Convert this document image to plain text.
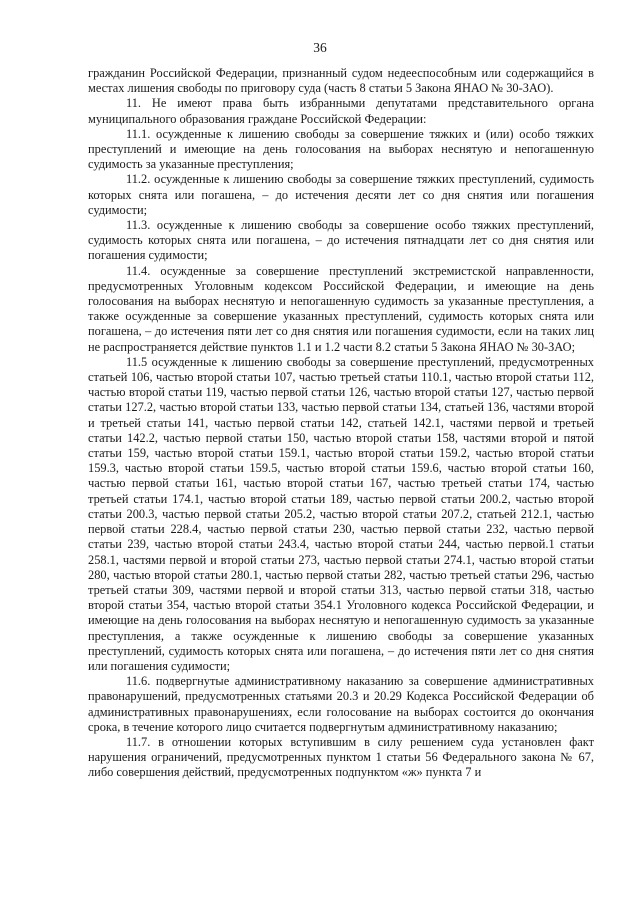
36

гражданин Российской Федерации, признанный судом недееспособным или содержащийся в местах лишения свободы по приговору суда (часть 8 статьи 5 Закона ЯНАО № 30-ЗАО).

11. Не имеют права быть избранными депутатами представительного органа муниципального образования граждане Российской Федерации:

11.1. осужденные к лишению свободы за совершение тяжких и (или) особо тяжких преступлений и имеющие на день голосования на выборах неснятую и непогашенную судимость за указанные преступления;

11.2. осужденные к лишению свободы за совершение тяжких преступлений, судимость которых снята или погашена, – до истечения десяти лет со дня снятия или погашения судимости;

11.3. осужденные к лишению свободы за совершение особо тяжких преступлений, судимость которых снята или погашена, – до истечения пятнадцати лет со дня снятия или погашения судимости;

11.4. осужденные за совершение преступлений экстремистской направленности, предусмотренных Уголовным кодексом Российской Федерации, и имеющие на день голосования на выборах неснятую и непогашенную судимость за указанные преступления, а также осужденные за совершение указанных преступлений, судимость которых снята или погашена, – до истечения пяти лет со дня снятия или погашения судимости, если на таких лиц не распространяется действие пунктов 1.1 и 1.2 части 8.2 статьи 5 Закона ЯНАО № 30-ЗАО;

11.5 осужденные к лишению свободы за совершение преступлений, предусмотренных статьей 106, частью второй статьи 107, частью третьей статьи 110.1, частью второй статьи 112, частью второй статьи 119, частью первой статьи 126, частью второй статьи 127, частью первой статьи 127.2, частью второй статьи 133, частью первой статьи 134, статьей 136, частями второй и третьей статьи 141, частью первой статьи 142, статьей 142.1, частями первой и третьей статьи 142.2, частью первой статьи 150, частью второй статьи 158, частями второй и пятой статьи 159, частью второй статьи 159.1, частью второй статьи 159.2, частью второй статьи 159.3, частью второй статьи 159.5, частью второй статьи 159.6, частью второй статьи 160, частью первой статьи 161, частью второй статьи 167, частью третьей статьи 174, частью третьей статьи 174.1, частью второй статьи 189, частью первой статьи 200.2, частью второй статьи 200.3, частью первой статьи 205.2, частью второй статьи 207.2, статьей 212.1, частью первой статьи 228.4, частью первой статьи 230, частью первой статьи 232, частью первой статьи 239, частью второй статьи 243.4, частью второй статьи 244, частью первой.1 статьи 258.1, частями первой и второй статьи 273, частью первой статьи 274.1, частью второй статьи 280, частью второй статьи 280.1, частью первой статьи 282, частью третьей статьи 296, частью третьей статьи 309, частями первой и второй статьи 313, частью первой статьи 318, частью второй статьи 354, частью второй статьи 354.1 Уголовного кодекса Российской Федерации, и имеющие на день голосования на выборах неснятую и непогашенную судимость за указанные преступления, а также осужденные к лишению свободы за совершение указанных преступлений, судимость которых снята или погашена, – до истечения пяти лет со дня снятия или погашения судимости;

11.6. подвергнутые административному наказанию за совершение административных правонарушений, предусмотренных статьями 20.3 и 20.29 Кодекса Российской Федерации об административных правонарушениях, если голосование на выборах состоится до окончания срока, в течение которого лицо считается подвергнутым административному наказанию;

11.7. в отношении которых вступившим в силу решением суда установлен факт нарушения ограничений, предусмотренных пунктом 1 статьи 56 Федерального закона № 67, либо совершения действий, предусмотренных подпунктом «ж» пункта 7 и
